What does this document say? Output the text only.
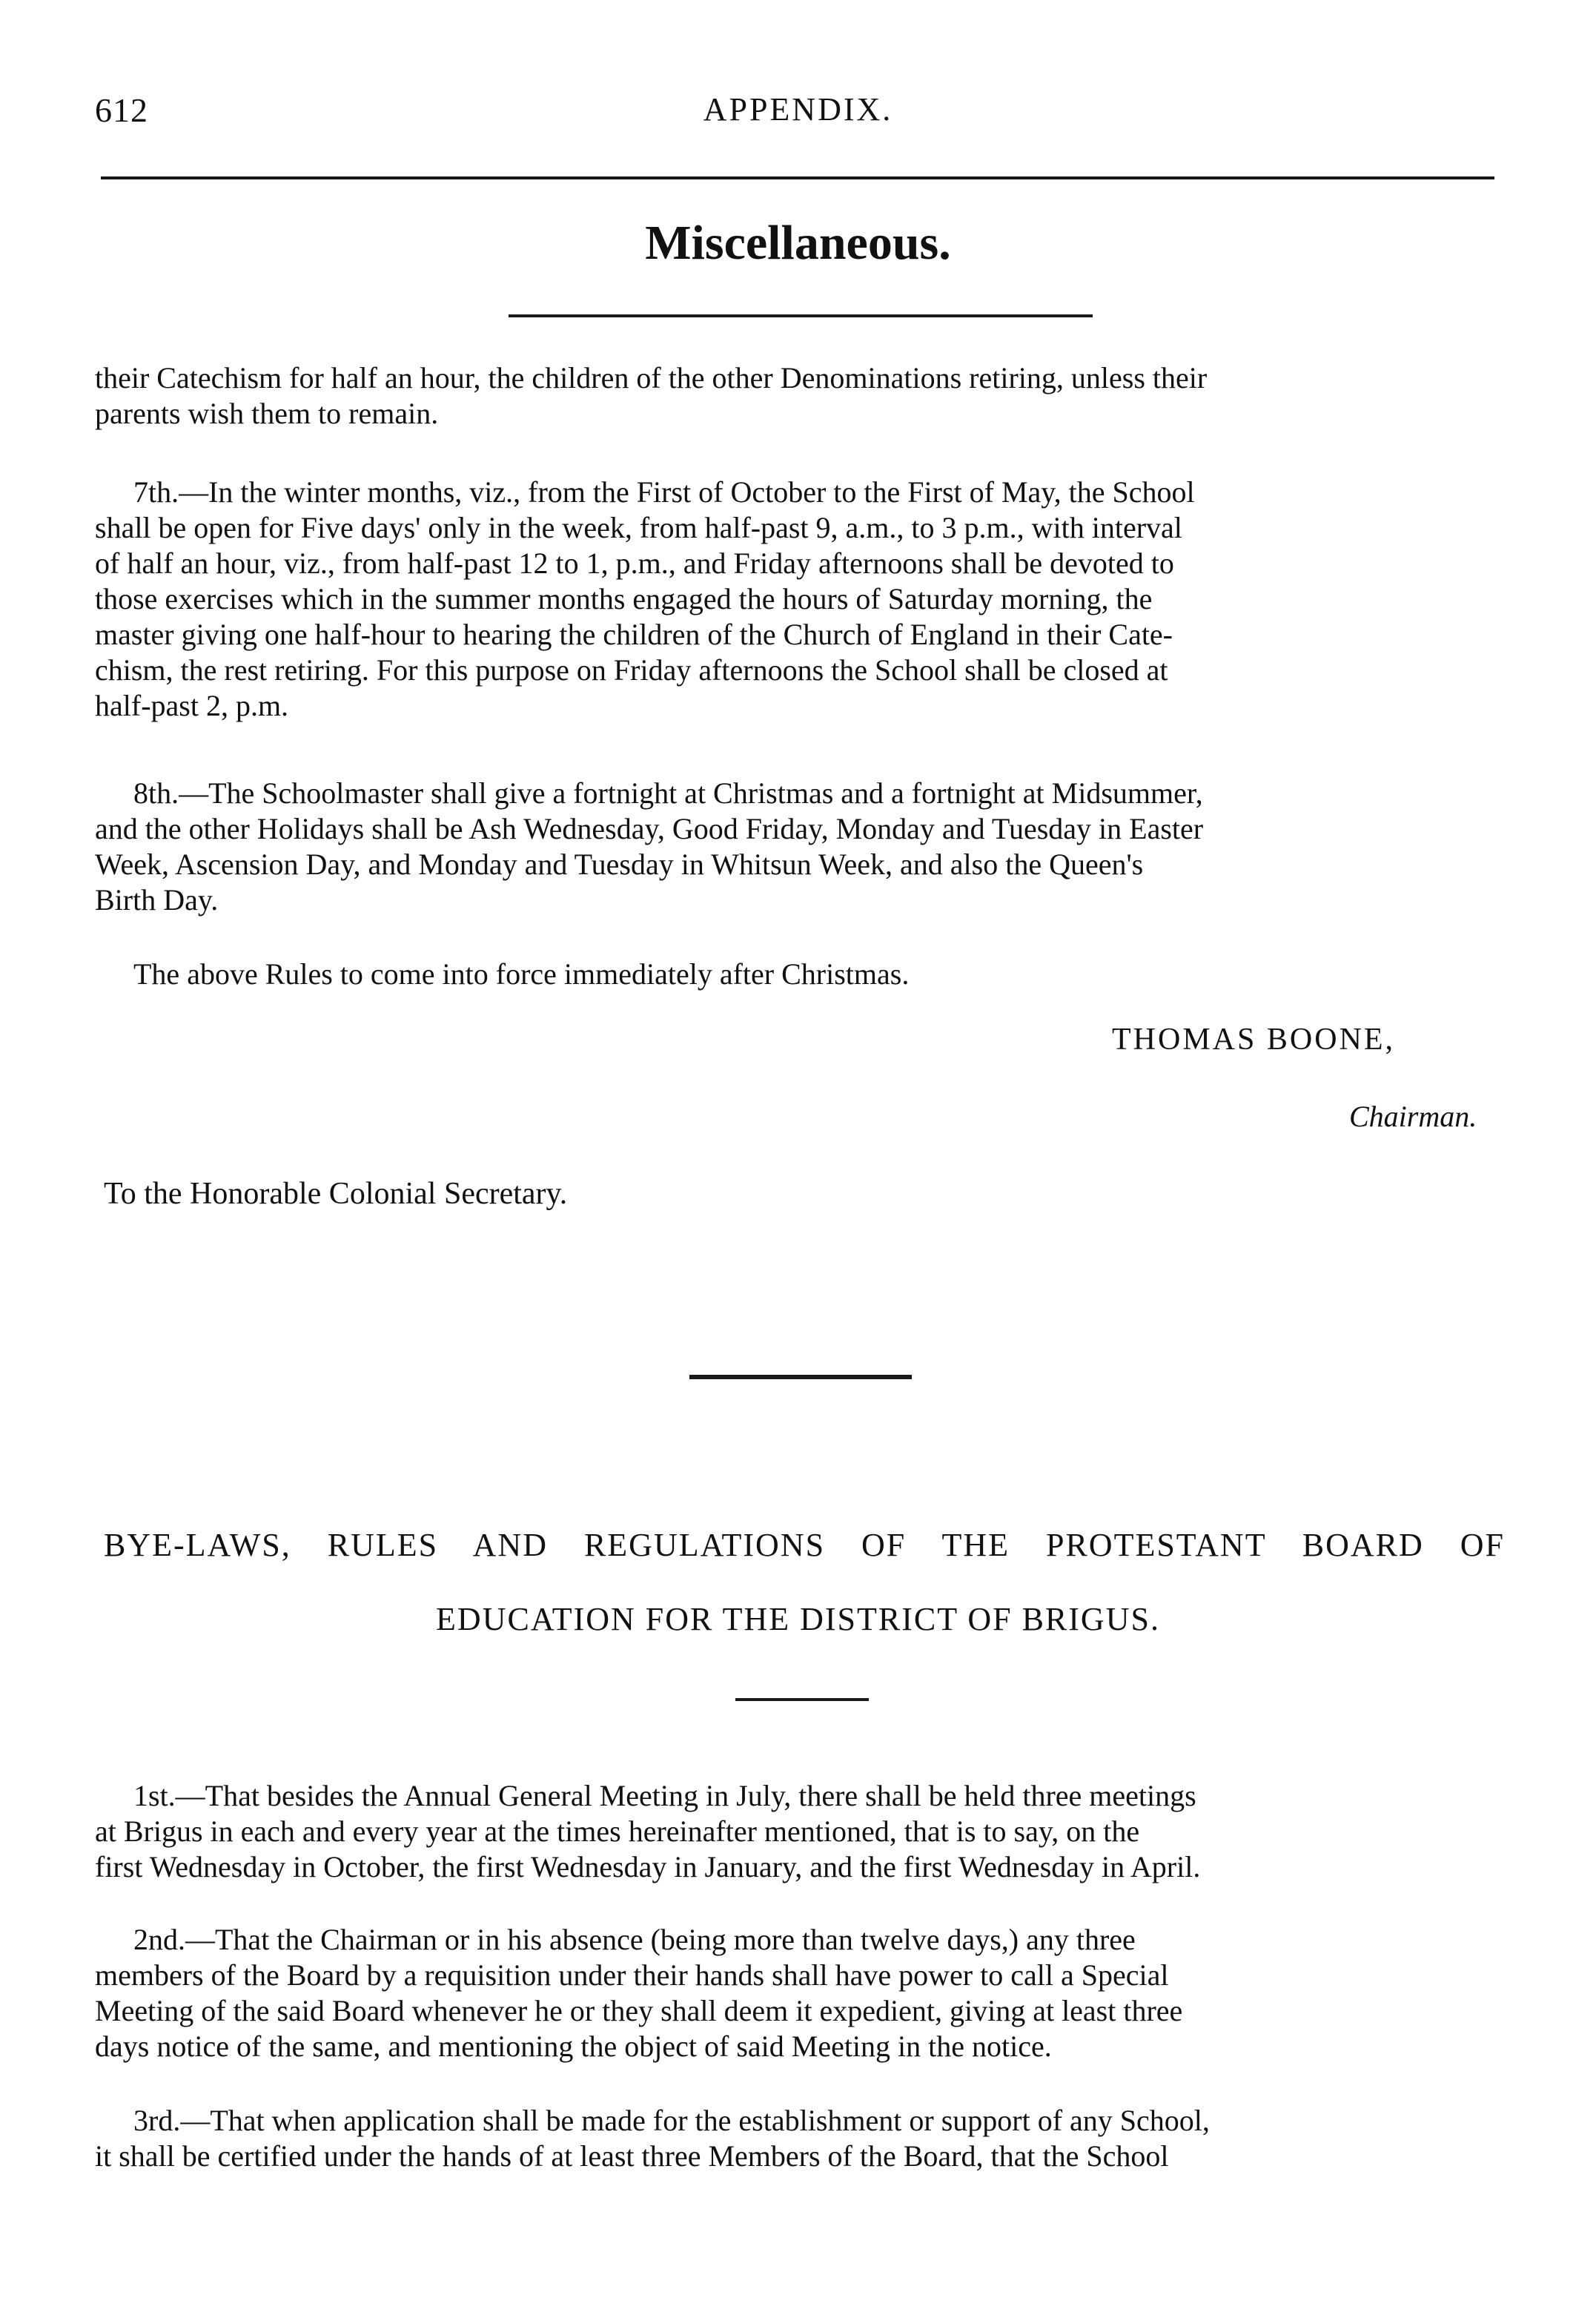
612	APPENDIX.
Miscellaneous.

their Catechism for half an hour, the children of the other Denominations retiring, unless their

parents wish them to remain.

7th.—In the winter months, viz., from the First of October to the First of May, the School

shall be open for Five days' only in the week, from half-past 9, a.m., to 3 p.m., with interval

of half an hour, viz., from half-past 12 to 1, p.m., and Friday afternoons shall be devoted to

those exercises which in the summer months engaged the hours of Saturday morning, the

master giving one half-hour to hearing the children of the Church of England in their Cate-

chism, the rest retiring. For this purpose on Friday afternoons the School shall be closed at

half-past 2, p.m.

8th.—The Schoolmaster shall give a fortnight at Christmas and a fortnight at Midsummer,

and the other Holidays shall be Ash Wednesday, Good Friday, Monday and Tuesday in Easter

Week, Ascension Day, and Monday and Tuesday in Whitsun Week, and also the Queen's

Birth Day.

The above Rules to come into force immediately after Christmas.

THOMAS BOONE,
Chairman.
To the Honorable Colonial Secretary.
BYE-LAWS, RULES AND REGULATIONS OF THE PROTESTANT BOARD OF
EDUCATION FOR THE DISTRICT OF BRIGUS.

1st.—That besides the Annual General Meeting in July, there shall be held three meetings

at Brigus in each and every year at the times hereinafter mentioned, that is to say, on the

first Wednesday in October, the first Wednesday in January, and the first Wednesday in April.

2nd.—That the Chairman or in his absence (being more than twelve days,) any three

members of the Board by a requisition under their hands shall have power to call a Special

Meeting of the said Board whenever he or they shall deem it expedient, giving at least three

days notice of the same, and mentioning the object of said Meeting in the notice.

3rd.—That when application shall be made for the establishment or support of any School,

it shall be certified under the hands of at least three Members of the Board, that the School
